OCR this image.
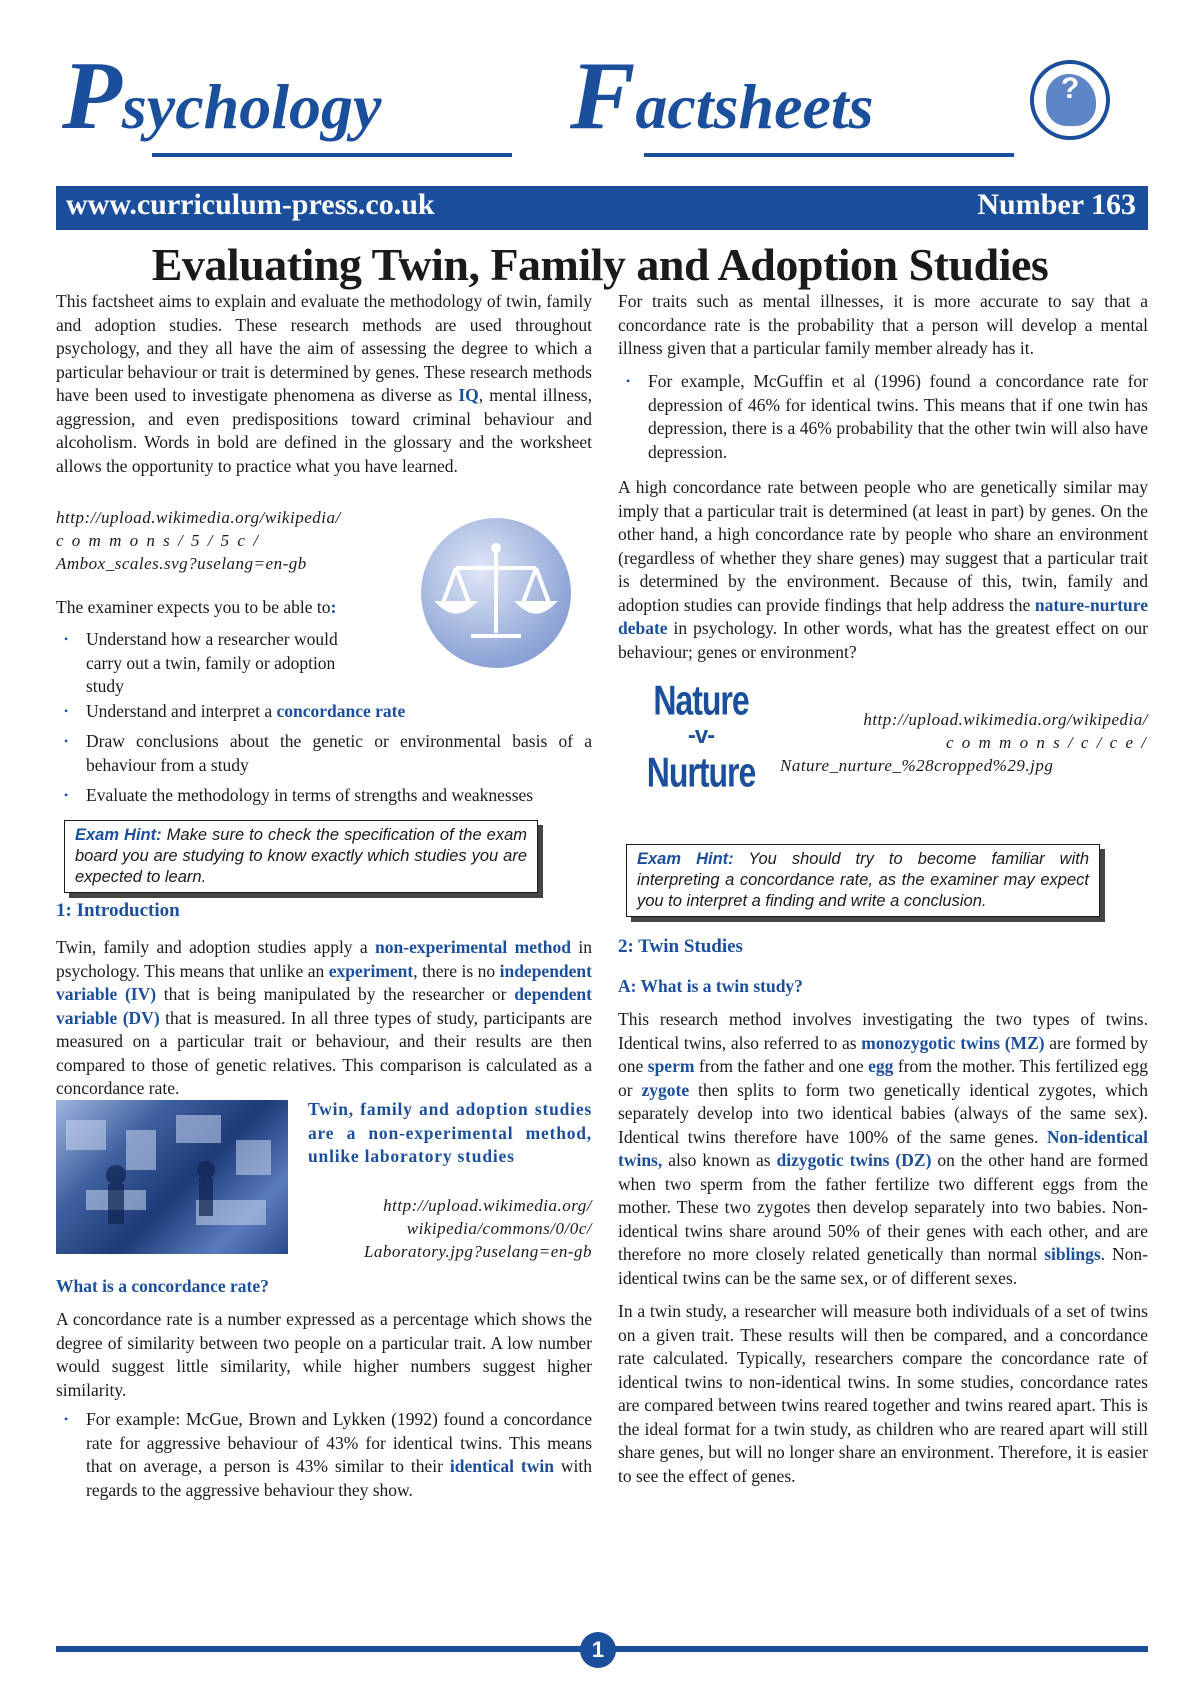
Psychology Factsheets	?
www.curriculum-press.co.uk	Number 163
Evaluating Twin, Family and Adoption Studies

This factsheet aims to explain and evaluate the methodology of twin, family and adoption studies. These research methods are used throughout psychology, and they all have the aim of assessing the degree to which a particular behaviour or trait is determined by genes. These research methods have been used to investigate phenomena as diverse as IQ, mental illness, aggression, and even predispositions toward criminal behaviour and alcoholism. Words in bold are defined in the glossary and the worksheet allows the opportunity to practice what you have learned.

http://upload.wikimedia.org/wikipedia/
c o m m o n s / 5 / 5 c /
Ambox_scales.svg?uselang=en-gb

The examiner expects you to be able to:

• Understand how a researcher would carry out a twin, family or adoption study
• Understand and interpret a concordance rate
• Draw conclusions about the genetic or environmental basis of a behaviour from a study
• Evaluate the methodology in terms of strengths and weaknesses
Exam Hint: Make sure to check the specification of the exam board you are studying to know exactly which studies you are expected to learn.
1: Introduction

Twin, family and adoption studies apply a non-experimental method in psychology. This means that unlike an experiment, there is no independent variable (IV) that is being manipulated by the researcher or dependent variable (DV) that is measured. In all three types of study, participants are measured on a particular trait or behaviour, and their results are then compared to those of genetic relatives. This comparison is calculated as a concordance rate.

Twin, family and adoption studies are a non-experimental method, unlike laboratory studies

http://upload.wikimedia.org/
wikipedia/commons/0/0c/
Laboratory.jpg?uselang=en-gb
What is a concordance rate?

A concordance rate is a number expressed as a percentage which shows the degree of similarity between two people on a particular trait. A low number would suggest little similarity, while higher numbers suggest higher similarity.

• For example: McGue, Brown and Lykken (1992) found a concordance rate for aggressive behaviour of 43% for identical twins. This means that on average, a person is 43% similar to their identical twin with regards to the aggressive behaviour they show.

For traits such as mental illnesses, it is more accurate to say that a concordance rate is the probability that a person will develop a mental illness given that a particular family member already has it.

• For example, McGuffin et al (1996) found a concordance rate for depression of 46% for identical twins. This means that if one twin has depression, there is a 46% probability that the other twin will also have depression.

A high concordance rate between people who are genetically similar may imply that a particular trait is determined (at least in part) by genes. On the other hand, a high concordance rate by people who share an environment (regardless of whether they share genes) may suggest that a particular trait is determined by the environment. Because of this, twin, family and adoption studies can provide findings that help address the nature-nurture debate in psychology. In other words, what has the greatest effect on our behaviour; genes or environment?

Nature
-v-
Nurture
http://upload.wikimedia.org/wikipedia/
c o m m o n s / c / c e /
Nature_nurture_%28cropped%29.jpg
Exam Hint: You should try to become familiar with interpreting a concordance rate, as the examiner may expect you to interpret a finding and write a conclusion.
2: Twin Studies
A: What is a twin study?

This research method involves investigating the two types of twins. Identical twins, also referred to as monozygotic twins (MZ) are formed by one sperm from the father and one egg from the mother. This fertilized egg or zygote then splits to form two genetically identical zygotes, which separately develop into two identical babies (always of the same sex). Identical twins therefore have 100% of the same genes. Non-identical twins, also known as dizygotic twins (DZ) on the other hand are formed when two sperm from the father fertilize two different eggs from the mother. These two zygotes then develop separately into two babies. Non-identical twins share around 50% of their genes with each other, and are therefore no more closely related genetically than normal siblings. Non-identical twins can be the same sex, or of different sexes.

In a twin study, a researcher will measure both individuals of a set of twins on a given trait. These results will then be compared, and a concordance rate calculated. Typically, researchers compare the concordance rate of identical twins to non-identical twins. In some studies, concordance rates are compared between twins reared together and twins reared apart. This is the ideal format for a twin study, as children who are reared apart will still share genes, but will no longer share an environment. Therefore, it is easier to see the effect of genes.

1
